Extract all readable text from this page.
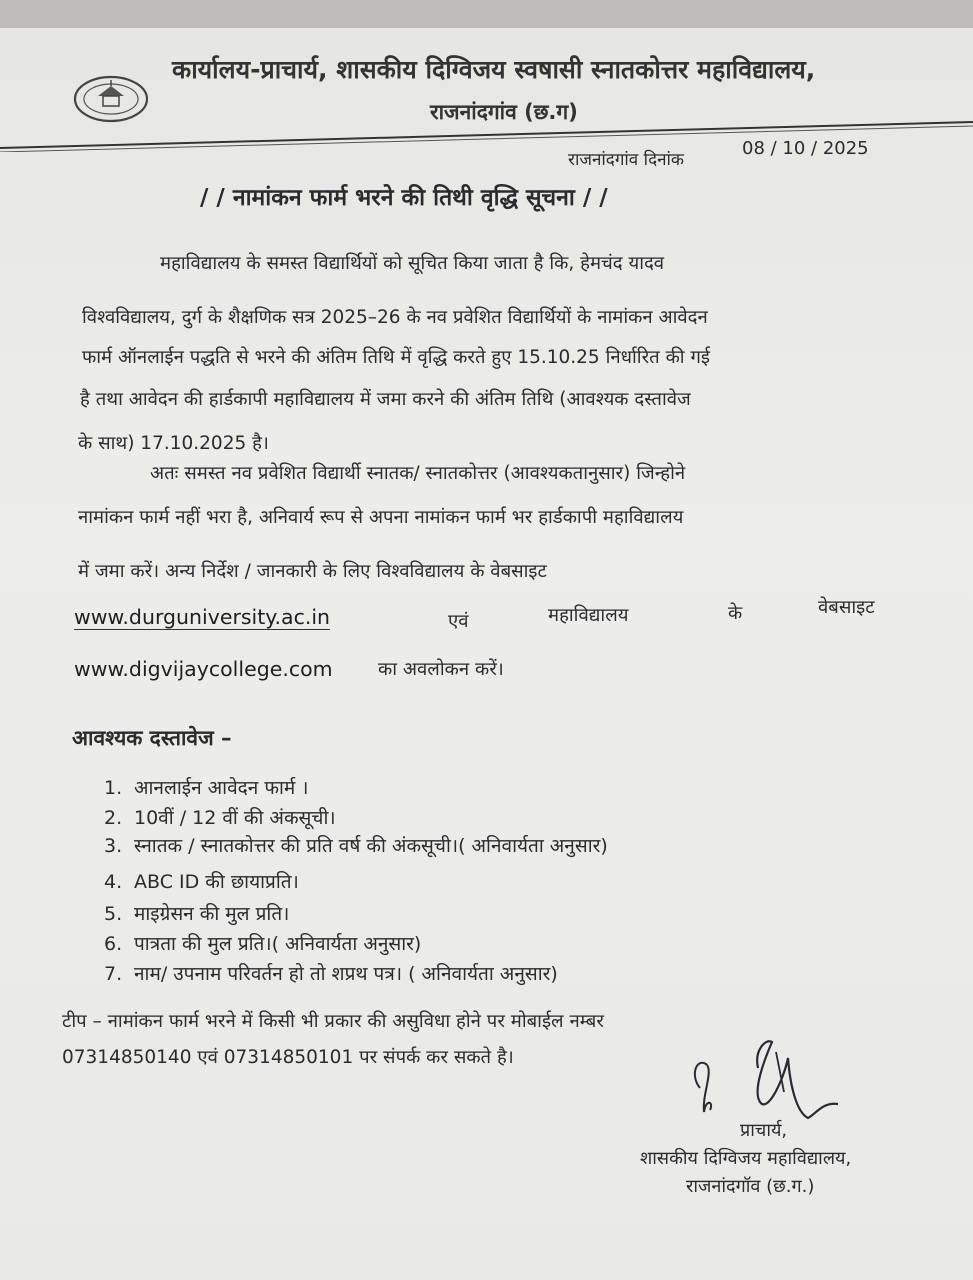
कार्यालय-प्राचार्य, शासकीय दिग्विजय स्वषासी स्नातकोत्तर महाविद्यालय,
राजनांदगांव (छ.ग)
राजनांदगांव दिनांक
08 / 10 / 2025
/ / नामांकन फार्म भरने की तिथी वृद्धि सूचना / /
महाविद्यालय के समस्त विद्यार्थियों को सूचित किया जाता है कि, हेमचंद यादव
विश्वविद्यालय, दुर्ग के शैक्षणिक सत्र 2025–26 के नव प्रवेशित विद्यार्थियों के नामांकन आवेदन
फार्म ऑनलाईन पद्धति से भरने की अंतिम तिथि में वृद्धि करते हुए 15.10.25 निर्धारित की गई
है तथा आवेदन की हार्डकापी महाविद्यालय में जमा करने की अंतिम तिथि (आवश्यक दस्तावेज
के साथ) 17.10.2025 है।
अतः समस्त नव प्रवेशित विद्यार्थी स्नातक/ स्नातकोत्तर (आवश्यकतानुसार) जिन्होने
नामांकन फार्म नहीं भरा है, अनिवार्य रूप से अपना नामांकन फार्म भर हार्डकापी महाविद्यालय
में जमा करें। अन्य निर्देश / जानकारी के लिए विश्वविद्यालय के वेबसाइट
www.durguniversity.ac.in	एवं	महाविद्यालय	के	वेबसाइट
www.digvijaycollege.com का अवलोकन करें।
आवश्यक दस्तावेज –
1. आनलाईन आवेदन फार्म ।
2. 10वीं / 12 वीं की अंकसूची।
3. स्नातक / स्नातकोत्तर की प्रति वर्ष की अंकसूची।( अनिवार्यता अनुसार)
4. ABC ID की छायाप्रति।
5. माइग्रेसन की मुल प्रति।
6. पात्रता की मुल प्रति।( अनिवार्यता अनुसार)
7. नाम/ उपनाम परिवर्तन हो तो शप्रथ पत्र। ( अनिवार्यता अनुसार)
टीप – नामांकन फार्म भरने में किसी भी प्रकार की असुविधा होने पर मोबाईल नम्बर
07314850140 एवं 07314850101 पर संपर्क कर सकते है।
प्राचार्य,
शासकीय दिग्विजय महाविद्यालय,
राजनांदगॉव (छ.ग.)
